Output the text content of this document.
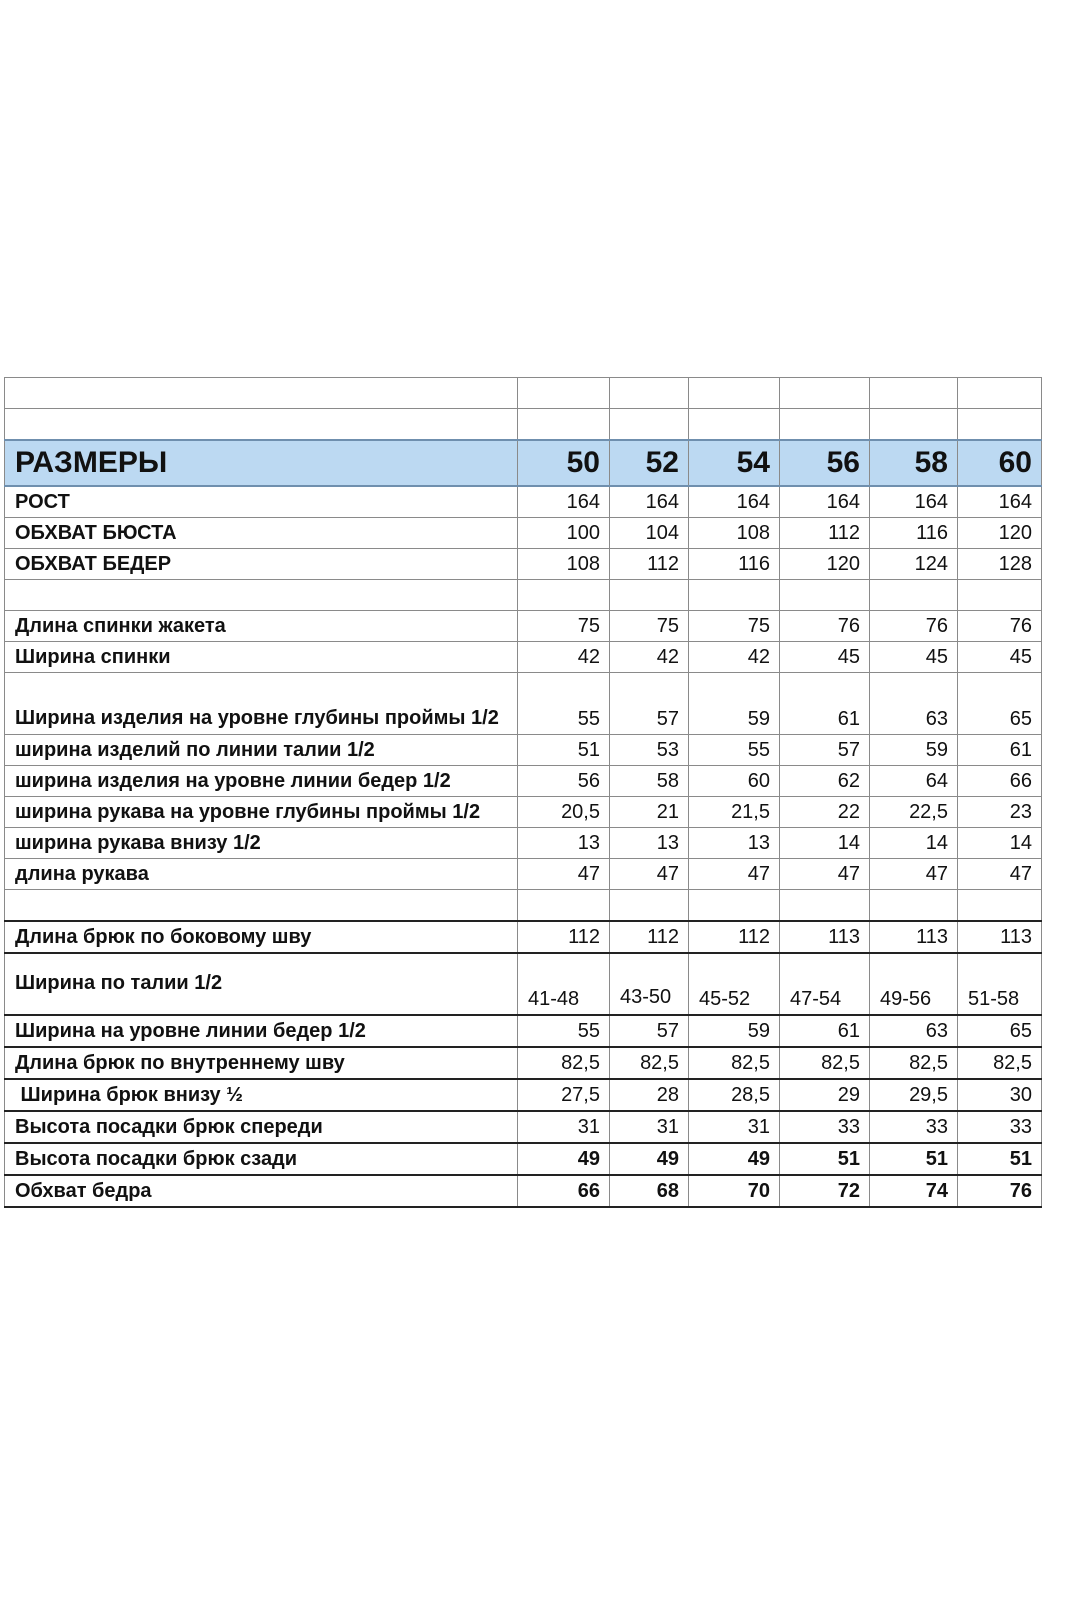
РАЗМЕРЫ	50	52	54	56	58	60
РОСТ	164	164	164	164	164	164
ОБХВАТ БЮСТА	100	104	108	112	116	120
ОБХВАТ БЕДЕР	108	112	116	120	124	128

Длина спинки жакета	75	75	75	76	76	76
Ширина спинки	42	42	42	45	45	45
Ширина изделия на уровне глубины проймы 1/2	55	57	59	61	63	65
ширина изделий по линии талии 1/2	51	53	55	57	59	61
ширина изделия на уровне линии бедер 1/2	56	58	60	62	64	66
ширина рукава на уровне глубины проймы 1/2	20,5	21	21,5	22	22,5	23
ширина рукава внизу 1/2	13	13	13	14	14	14
длина рукава	47	47	47	47	47	47

Длина брюк по боковому шву	112	112	112	113	113	113
Ширина по талии 1/2	41-48	43-50	45-52	47-54	49-56	51-58
Ширина на уровне линии бедер 1/2	55	57	59	61	63	65
Длина брюк по внутреннему шву	82,5	82,5	82,5	82,5	82,5	82,5
Ширина брюк внизу ½	27,5	28	28,5	29	29,5	30
Высота посадки брюк спереди	31	31	31	33	33	33
Высота посадки брюк сзади	49	49	49	51	51	51
Обхват бедра	66	68	70	72	74	76
